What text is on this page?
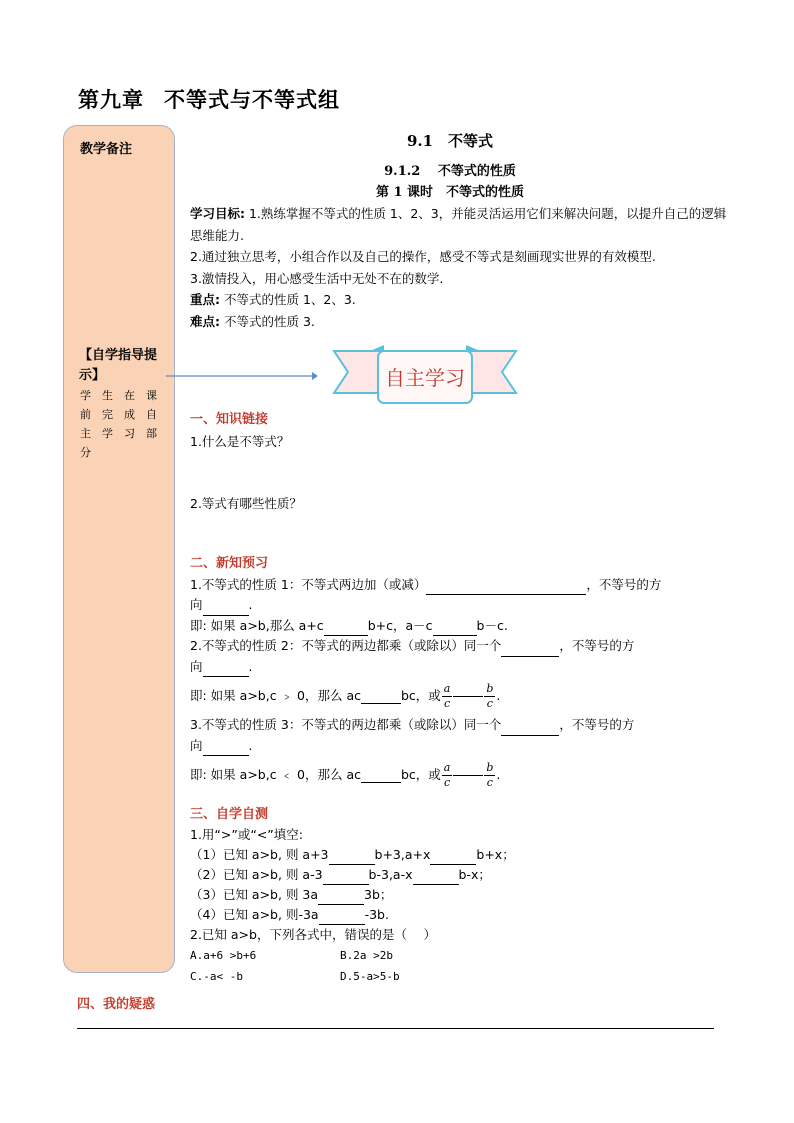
第九章 不等式与不等式组
教学备注
【自学指导提示】
学生在课前完成自主学习部分
9.1　不等式
9.1.2　 不等式的性质
第 1 课时　不等式的性质
学习目标: 1.熟练掌握不等式的性质 1、2、3，并能灵活运用它们来解决问题，以提升自己的逻辑思维能力.
2.通过独立思考，小组合作以及自己的操作，感受不等式是刻画现实世界的有效模型.
3.激情投入，用心感受生活中无处不在的数学.
重点: 不等式的性质 1、2、3.
难点: 不等式的性质 3.
自主学习
一、知识链接
1.什么是不等式？
2.等式有哪些性质？
二、新知预习
1.不等式的性质 1：不等式两边加（或减）	，不等号的方
向	.
即: 如果 a>b,那么 a+c	b+c，a－c	b－c.
2.不等式的性质 2：不等式的两边都乘（或除以）同一个	，不等号的方
向	.
即: 如果 a>b,c ﹥ 0，那么 ac	bc，或 $\frac{a}{c}$	$\frac{b}{c}$ .
3.不等式的性质 3：不等式的两边都乘（或除以）同一个	，不等号的方
向	.
即: 如果 a>b,c ﹤ 0，那么 ac	bc，或 $\frac{a}{c}$	$\frac{b}{c}$ .
三、自学自测
1.用“>”或“<”填空:
（1）已知 a>b, 则 a+3	b+3,a+x	b+x；
（2）已知 a>b, 则 a-3	b-3,a-x	b-x；
（3）已知 a>b, 则 3a	3b；
（4）已知 a>b, 则-3a	-3b.
2.已知 a>b，下列各式中，错误的是（　 ）
A.a+6 >b+6	B.2a >2b
C.-a< -b	D.5-a>5-b
四、我的疑惑
